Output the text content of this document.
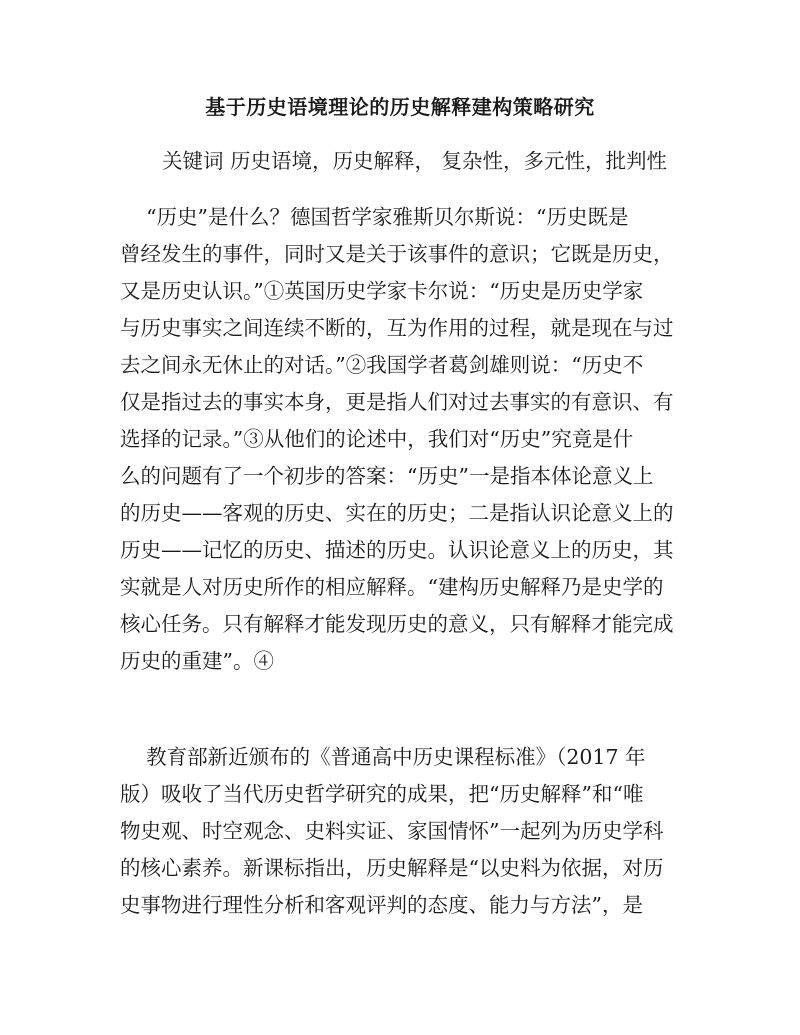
基于历史语境理论的历史解释建构策略研究

关键词 历史语境，历史解释， 复杂性，多元性，批判性

“历史”是什么？德国哲学家雅斯贝尔斯说：“历史既是
曾经发生的事件，同时又是关于该事件的意识；它既是历史，
又是历史认识。”①英国历史学家卡尔说：“历史是历史学家
与历史事实之间连续不断的，互为作用的过程，就是现在与过
去之间永无休止的对话。”②我国学者葛剑雄则说：“历史不
仅是指过去的事实本身，更是指人们对过去事实的有意识、有
选择的记录。”③从他们的论述中，我们对“历史”究竟是什
么的问题有了一个初步的答案：“历史”一是指本体论意义上
的历史——客观的历史、实在的历史；二是指认识论意义上的
历史——记忆的历史、描述的历史。认识论意义上的历史，其
实就是人对历史所作的相应解释。“建构历史解释乃是史学的
核心任务。只有解释才能发现历史的意义，只有解释才能完成
历史的重建”。④
教育部新近颁布的《普通高中历史课程标准》（2017 年
版）吸收了当代历史哲学研究的成果，把“历史解释”和“唯
物史观、时空观念、史料实证、家国情怀”一起列为历史学科
的核心素养。新课标指出，历史解释是“以史料为依据，对历
史事物进行理性分析和客观评判的态度、能力与方法”，是
